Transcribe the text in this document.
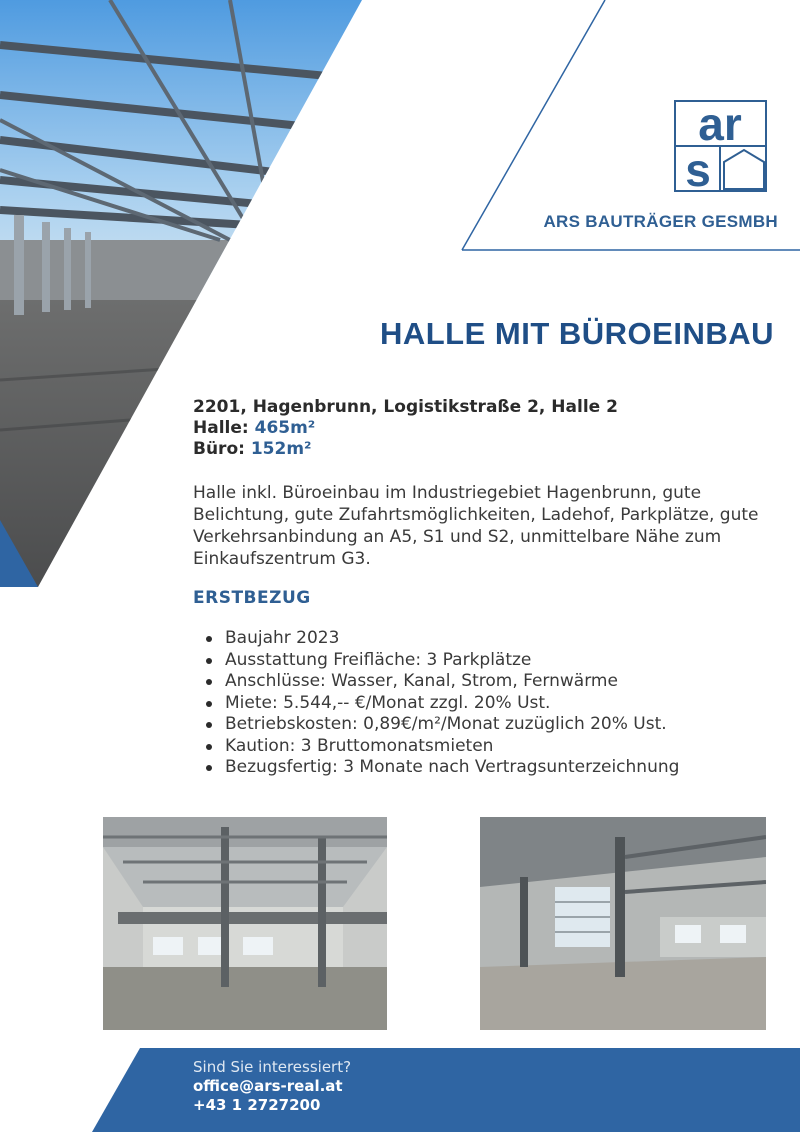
ar
s
ARS BAUTRÄGER GESMBH
HALLE MIT BÜROEINBAU
2201, Hagenbrunn, Logistikstraße 2, Halle 2
Halle: 465m²
Büro: 152m²
Halle inkl. Büroeinbau im Industriegebiet Hagenbrunn, gute Belichtung, gute Zufahrtsmöglichkeiten, Ladehof, Parkplätze, gute Verkehrsanbindung an A5, S1 und S2, unmittelbare Nähe zum Einkaufszentrum G3.
ERSTBEZUG
Baujahr 2023
Ausstattung Freifläche: 3 Parkplätze
Anschlüsse: Wasser, Kanal, Strom, Fernwärme
Miete: 5.544,-- €/Monat zzgl. 20% Ust.
Betriebskosten: 0,89€/m²/Monat zuzüglich 20% Ust.
Kaution: 3 Bruttomonatsmieten
Bezugsfertig: 3 Monate nach Vertragsunterzeichnung
Sind Sie interessiert?
office@ars-real.at
+43 1 2727200
